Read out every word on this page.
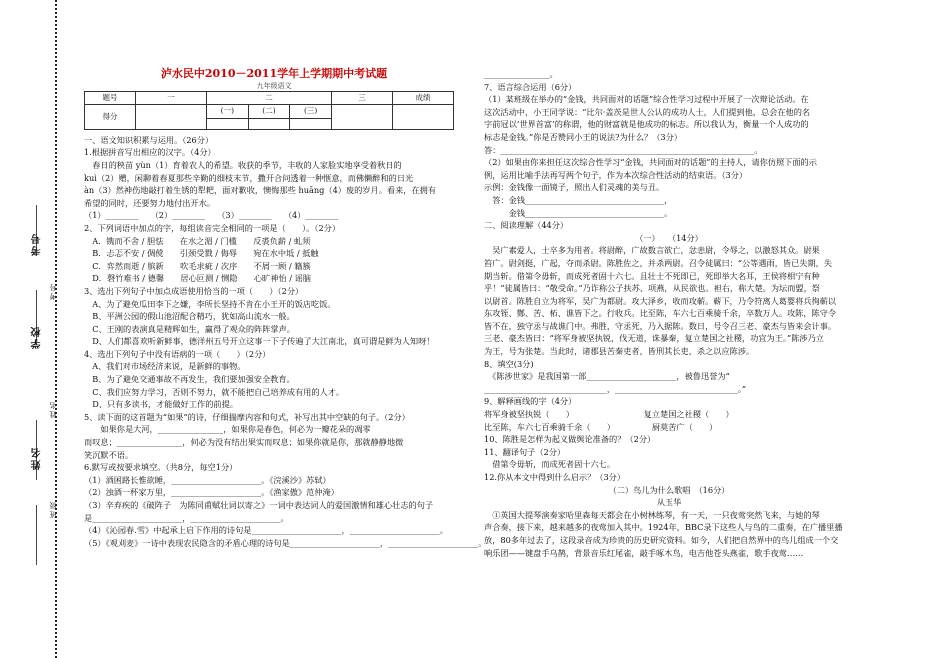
考号
考号
学校
姓名
姓名
班级
泸水民中2010－2011学年上学期期中考试题
九年级语文
题号	一	二			三	成绩
得分		(一)	(二)	(三)		

一、语文知识积累与运用。（26分）

1.根据拼音写出相应的汉字。（4分）

　春日的秧苗 yùn（1）育着农人的希望。收获的季节，丰收的人家脸实地享受着秋日的

kuì（2）赠，闲聊着春夏那些辛勤的细枝末节，撒开合问透着一种惬意，而佛懒醉和的日光

àn（3）然神伤地敲打着生锈的犁耙，面对歉收，懊悔那些 huāng（4）废的岁月。看来，在拥有

希望的同时，还要努力地付出开水。

（1）________　　（2）________　　（3）________　　（4）________

2、下列词语中加点的字，每组读音完全相同的一项是（　　）。（2分）

　A．镌而不舍 / 胆怯　　在水之湄 / 门槛　　反裘负薪 / 虬须

　B．忐忑不安 / 倜傥　　引颈受戮 / 侮辱　　宛在水中坻 / 抵触

　C．弈然而逝 / 膑新　　吹毛求疵 / 次序　　不屑一顾 / 籍簇

　D．磬竹难书 / 德馨　　居心叵测 / 恻隐　　心旷神怡 / 谣脑

3、选出下列句子中加点成语使用恰当的一项（　　）（2分）

　A、为了避免瓜田李下之嫌，李所长坚持不肯在小王开的饭店吃饭。

　B、平洲公园的假山池沼配合精巧，犹如高山流水一般。

　C、王刚的表演真是精辉如生，赢得了观众的阵阵掌声。

　D、人们都喜欢听新鲜事，德洋州五号开立这事一下子传遍了大江南北，真可谓是鲜为人知呀！

4、选出下列句子中没有语病的一项（　　）（2分）

　A、我们对市场经济来说，是新鲜的事物。

　B、为了避免交通事故不再发生，我们要加强安全教育。

　C、我们应努力学习，否则不努力，就不能把自己培养成有用的人才。

　D、只有多读书，才能做好工作的前提。

5、读下面的这首题为“如果”的诗，仔细揣摩内容和句式，补写出其中空缺的句子。（2分）

　　如果你是大河，________________，如果你是春色，何必为一瓣花朵的凋零

而叹息；________________，何必为没有结出果实而叹息；如果你就是你，那就静静地微

笑沉默不语。

6.默写或按要求填空。（共8分，每空1分）

（1）酒困路长惟欲睡，______________________。《浣溪沙》苏轼）

（2）浊酒一杯家万里，______________________。《渔家傲》范仲淹）

（3）辛弃疾的《破阵子　为陈同甫赋壮词以寄之》一词中表达词人的爱国激情和雄心壮志的句子

是______________________，______________________。

（4）《沁园春.雪》中起承上启下作用的诗句是______________________，______________________。

（5）《观刈麦》一诗中表现农民隐含的矛盾心理的诗句是______________________，______________________。

________________。

7、语言综合运用（6分）

（1）某班级在举办的“金钱，共同面对的话题”综合性学习过程中开展了一次辩论活动。在

这次活动中，小王同学说：“比尔·盖茨是世人公认的成功人士，人们提到他，总会在他的名

字前冠以‘世界首富’的称谓，他的财富就是他成功的标志。所以我认为，衡量一个人成功的

标志是金钱。”你是否赞同小王的说法?为什么？（3分）

答：______________________________________________________________。

（2）如果由你来担任这次综合性学习“金钱，共同面对的话题”的主持人，请你仿照下面的示

例，运用比喻手法再写两个句子，作为本次综合性活动的结束语。（3分）

示例：金钱像一面镜子，照出人们灵魂的美与丑。

　答：金钱__________________________________，

　　　金钱__________________________________。

二、阅读理解（44分）

（一）　　（14分）

　吴广素爱人，士卒多为用者。将尉醉，广故数言欲亡，忿恚尉，令辱之，以激怒其众。尉果

笞广。尉剑挺，广起，夺而杀尉。陈胜佐之，并杀两尉。召令徒属曰：“公等遇雨，皆已失期，失

期当斩。借第令毋斩，而成死者固十六七。且壮士不死即已，死即举大名耳，王侯将相宁有种

乎！”徒属皆曰：“敬受命。”乃诈称公子扶苏、项燕，从民欲也。袒右，称大楚。为坛而盟，祭

以尉首。陈胜自立为将军，吴广为都尉。攻大泽乡，收而攻蕲。蕲下，乃令符离人葛婴将兵徇蕲以

东攻铚、酂、苦、柘、谯皆下之。行收兵。比至陈，车六七百乘骑千余，卒数万人。攻陈，陈守令

皆不在，独守丞与战谯门中。弗胜，守丞死，乃入据陈。数日，号令召三老、豪杰与皆来会计事。

三老、豪杰皆曰：“将军身被坚执锐，伐无道，诛暴秦，复立楚国之社稷，功宜为王。”陈涉乃立

为王，号为张楚。当此时，诸郡县苦秦吏者，皆刑其长吏，杀之以应陈涉。

8、填空(3分)

　《陈涉世家》是我国第一部______________________，被鲁迅誉为“

______________________________，______________________________。”

9、解释画线的字（4分）

将军身被坚执锐（　　）　　　　　　　　　复立楚国之社稷（　　）

比至陈，车六七百乘骑千余（　　）　　　　　厨莫苦广（　　）

10、陈胜是怎样为起义做舆论准备的？（2分）

11、翻译句子（2分）

　借第令毋斩，而成死者固十六七。

12.你从本文中得到什么启示？（3分）

（二）鸟儿为什么歌唱　（16分）

从玉华

　①英国大提琴演奏家哈里森每天都会在小树林练琴，有一天，一只夜莺突然飞来，与她的琴

声合奏，接下来，越来越多的夜莺加入其中。1924年，BBC录下这些人与鸟的二重奏，在广播里播

放，80多年过去了，这段录音成为珍贵的历史研究资料。如今，人们把自然界中的鸟儿组成一个交

响乐团——键盘手乌鹊，背景音乐红尾雀，敲手啄木鸟，电吉他苍头燕雀，歌手夜莺……
